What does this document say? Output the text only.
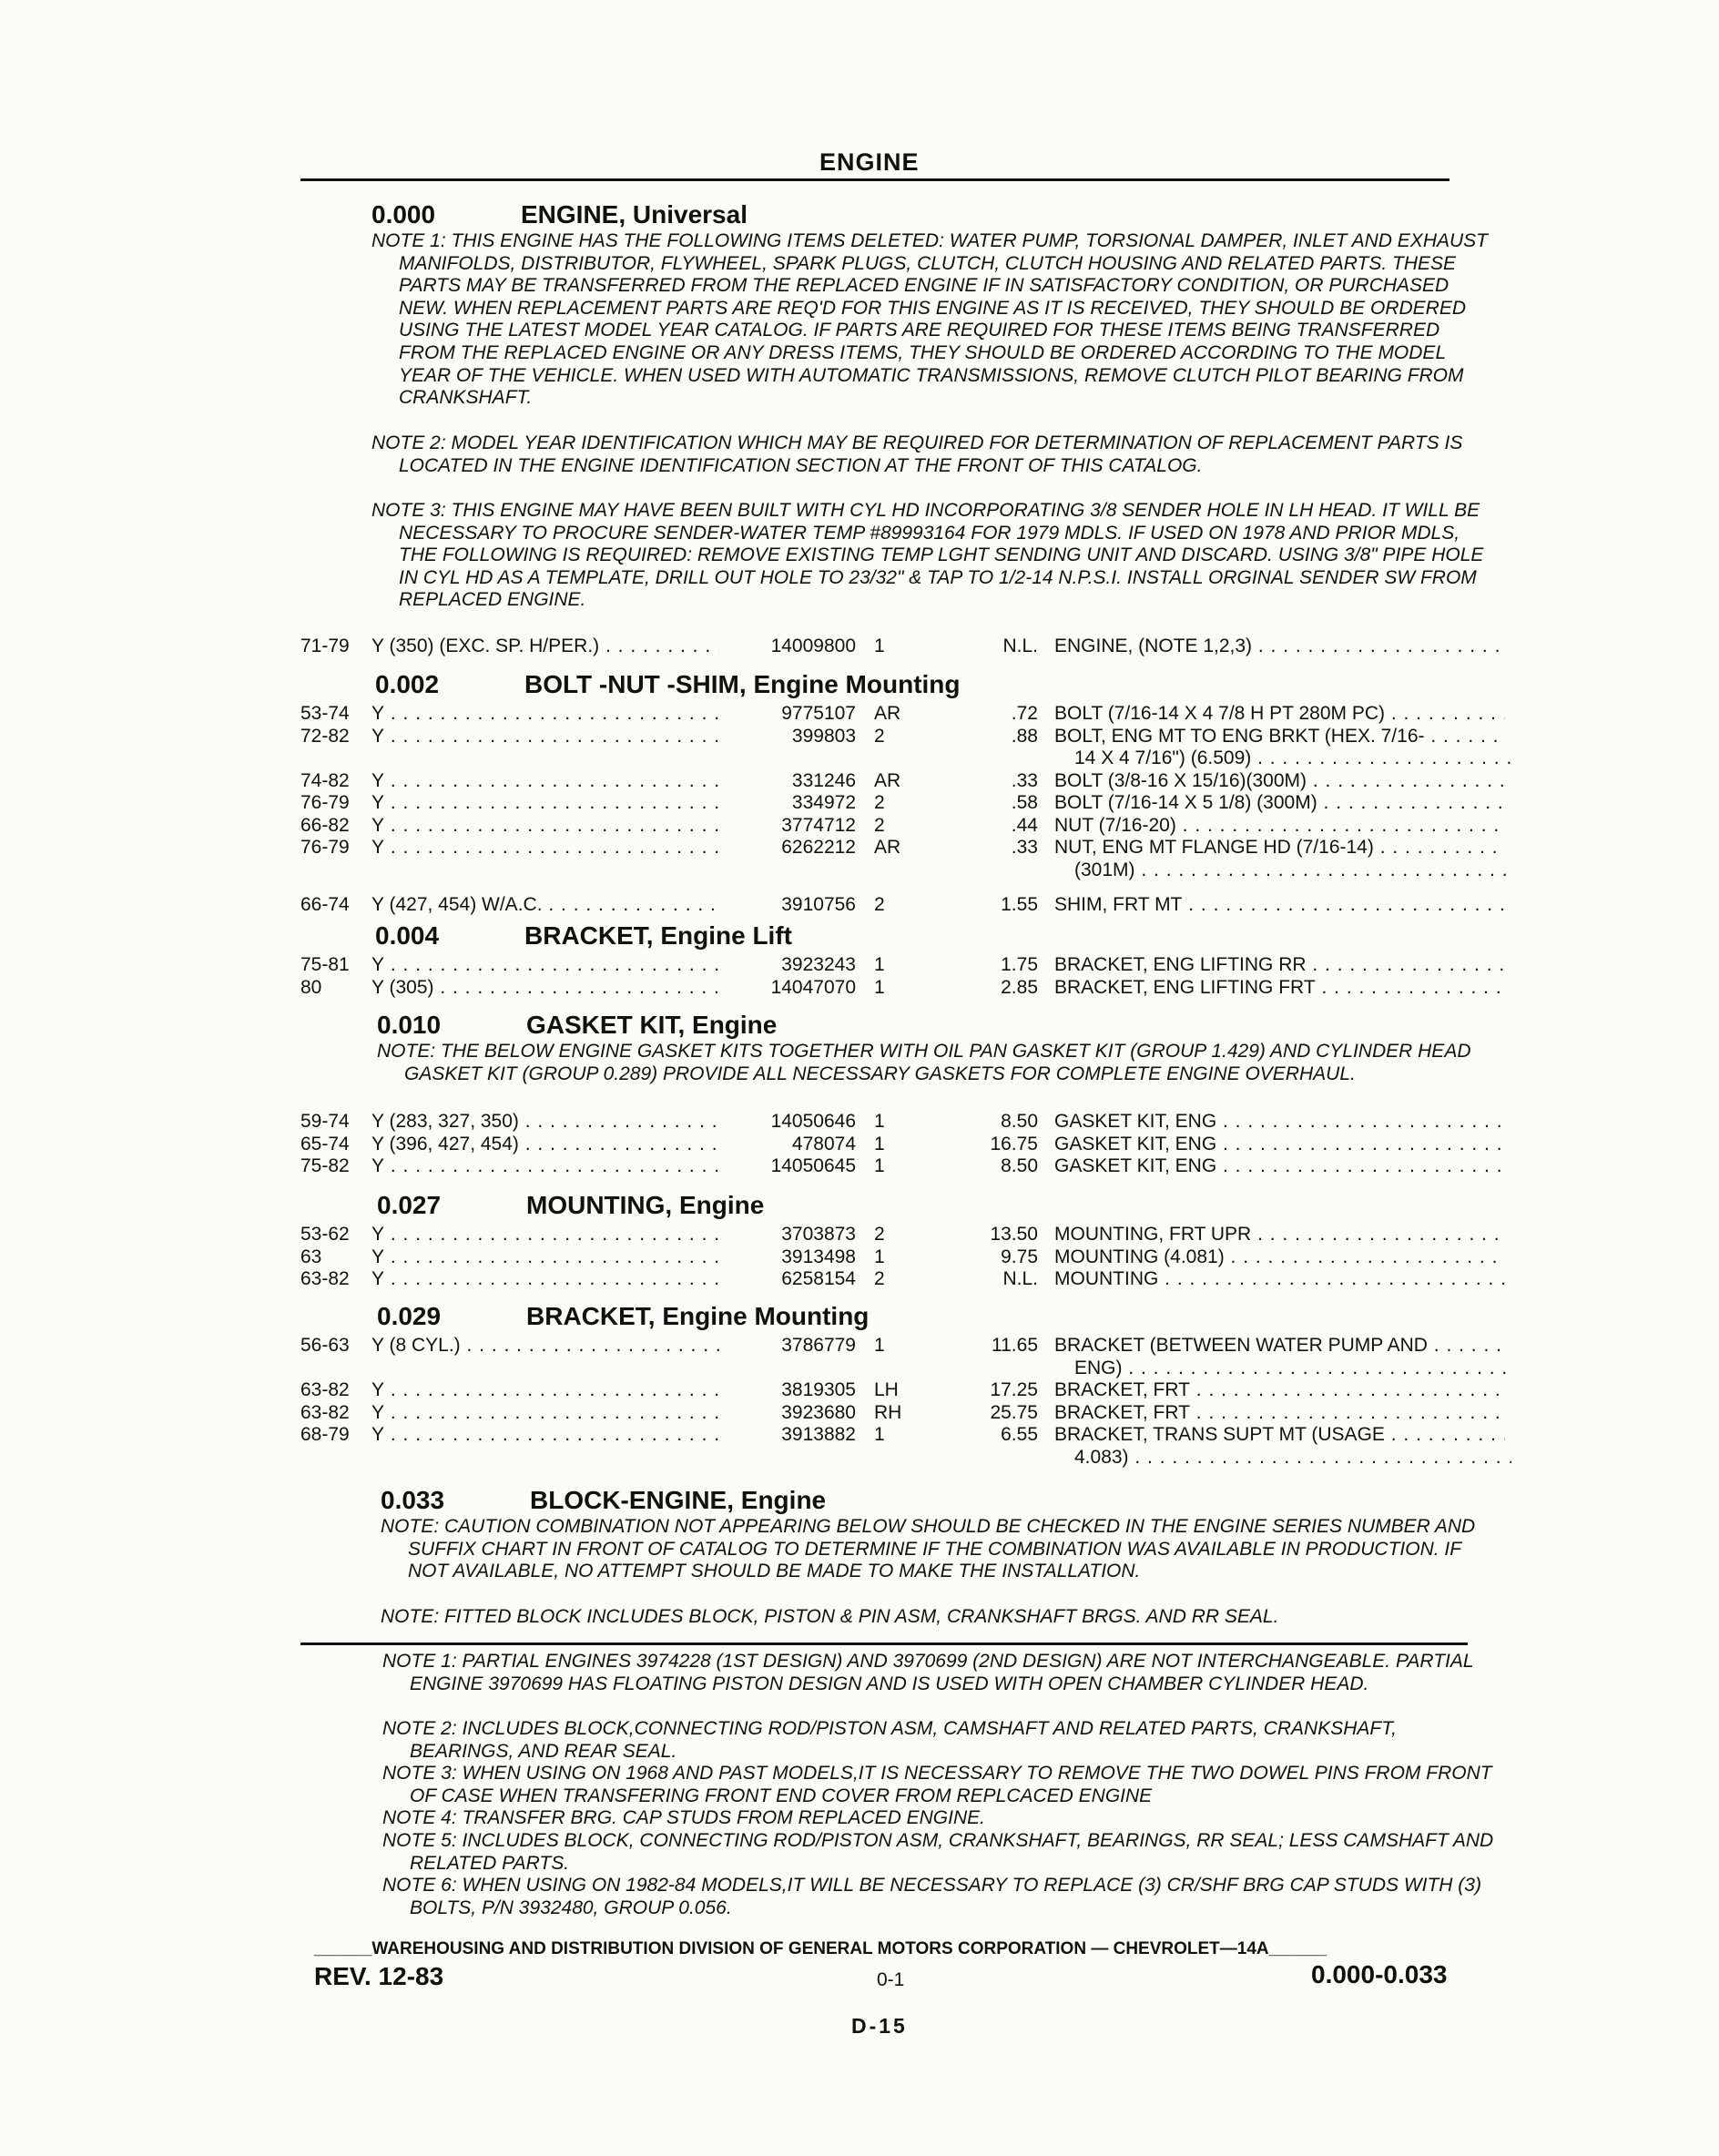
ENGINE
0.000	ENGINE, Universal
NOTE 1: THIS ENGINE HAS THE FOLLOWING ITEMS DELETED: WATER PUMP, TORSIONAL DAMPER, INLET AND EXHAUST MANIFOLDS, DISTRIBUTOR, FLYWHEEL, SPARK PLUGS, CLUTCH, CLUTCH HOUSING AND RELATED PARTS. THESE PARTS MAY BE TRANSFERRED FROM THE REPLACED ENGINE IF IN SATISFACTORY CONDITION, OR PURCHASED NEW. WHEN REPLACEMENT PARTS ARE REQ'D FOR THIS ENGINE AS IT IS RECEIVED, THEY SHOULD BE ORDERED USING THE LATEST MODEL YEAR CATALOG. IF PARTS ARE REQUIRED FOR THESE ITEMS BEING TRANSFERRED FROM THE REPLACED ENGINE OR ANY DRESS ITEMS, THEY SHOULD BE ORDERED ACCORDING TO THE MODEL YEAR OF THE VEHICLE. WHEN USED WITH AUTOMATIC TRANSMISSIONS, REMOVE CLUTCH PILOT BEARING FROM CRANKSHAFT.
NOTE 2: MODEL YEAR IDENTIFICATION WHICH MAY BE REQUIRED FOR DETERMINATION OF REPLACEMENT PARTS IS LOCATED IN THE ENGINE IDENTIFICATION SECTION AT THE FRONT OF THIS CATALOG.
NOTE 3: THIS ENGINE MAY HAVE BEEN BUILT WITH CYL HD INCORPORATING 3/8 SENDER HOLE IN LH HEAD. IT WILL BE NECESSARY TO PROCURE SENDER-WATER TEMP #89993164 FOR 1979 MDLS. IF USED ON 1978 AND PRIOR MDLS, THE FOLLOWING IS REQUIRED: REMOVE EXISTING TEMP LGHT SENDING UNIT AND DISCARD. USING 3/8" PIPE HOLE IN CYL HD AS A TEMPLATE, DRILL OUT HOLE TO 23/32" & TAP TO 1/2-14 N.P.S.I. INSTALL ORGINAL SENDER SW FROM REPLACED ENGINE.
71-79	Y (350) (EXC. SP. H/PER.) . . .	14009800 1	N.L. ENGINE, (NOTE 1,2,3) . . .
0.002	BOLT -NUT -SHIM, Engine Mounting
53-74	Y . . .	9775107 AR	.72 BOLT (7/16-14 X 4 7/8 H PT 280M PC) . . .
72-82	Y . . .	399803 2	.88 BOLT, ENG MT TO ENG BRKT (HEX. 7/16- . . .
14 X 4 7/16") (6.509) . . .
74-82	Y . . .	331246 AR	.33 BOLT (3/8-16 X 15/16)(300M) . . .
76-79	Y . . .	334972 2	.58 BOLT (7/16-14 X 5 1/8) (300M) . . .
66-82	Y . . .	3774712 2	.44 NUT (7/16-20) . . .
76-79	Y . . .	6262212 AR	.33 NUT, ENG MT FLANGE HD (7/16-14) . . .
(301M) . . .
66-74	Y (427, 454) W/A.C. . . .	3910756 2	1.55 SHIM, FRT MT . . .
0.004	BRACKET, Engine Lift
75-81	Y . . .	3923243 1	1.75 BRACKET, ENG LIFTING RR . . .
80	Y (305) . . .	14047070 1	2.85 BRACKET, ENG LIFTING FRT . . .
0.010	GASKET KIT, Engine
NOTE: THE BELOW ENGINE GASKET KITS TOGETHER WITH OIL PAN GASKET KIT (GROUP 1.429) AND CYLINDER HEAD GASKET KIT (GROUP 0.289) PROVIDE ALL NECESSARY GASKETS FOR COMPLETE ENGINE OVERHAUL.
59-74	Y (283, 327, 350) . . .	14050646 1	8.50 GASKET KIT, ENG . . .
65-74	Y (396, 427, 454) . . .	478074 1	16.75 GASKET KIT, ENG . . .
75-82	Y . . .	14050645 1	8.50 GASKET KIT, ENG . . .
0.027	MOUNTING, Engine
53-62	Y . . .	3703873 2	13.50 MOUNTING, FRT UPR . . .
63	Y . . .	3913498 1	9.75 MOUNTING (4.081) . . .
63-82	Y . . .	6258154 2	N.L. MOUNTING . . .
0.029	BRACKET, Engine Mounting
56-63	Y (8 CYL.) . . .	3786779 1	11.65 BRACKET (BETWEEN WATER PUMP AND . . .
ENG) . . .
63-82	Y . . .	3819305 LH	17.25 BRACKET, FRT . . .
63-82	Y . . .	3923680 RH	25.75 BRACKET, FRT . . .
68-79	Y . . .	3913882 1	6.55 BRACKET, TRANS SUPT MT (USAGE . . .
4.083) . . .
0.033	BLOCK-ENGINE, Engine
NOTE: CAUTION COMBINATION NOT APPEARING BELOW SHOULD BE CHECKED IN THE ENGINE SERIES NUMBER AND SUFFIX CHART IN FRONT OF CATALOG TO DETERMINE IF THE COMBINATION WAS AVAILABLE IN PRODUCTION. IF NOT AVAILABLE, NO ATTEMPT SHOULD BE MADE TO MAKE THE INSTALLATION.
NOTE: FITTED BLOCK INCLUDES BLOCK, PISTON & PIN ASM, CRANKSHAFT BRGS. AND RR SEAL.
NOTE 1: PARTIAL ENGINES 3974228 (1ST DESIGN) AND 3970699 (2ND DESIGN) ARE NOT INTERCHANGEABLE. PARTIAL ENGINE 3970699 HAS FLOATING PISTON DESIGN AND IS USED WITH OPEN CHAMBER CYLINDER HEAD.
NOTE 2: INCLUDES BLOCK,CONNECTING ROD/PISTON ASM, CAMSHAFT AND RELATED PARTS, CRANKSHAFT, BEARINGS, AND REAR SEAL.
NOTE 3: WHEN USING ON 1968 AND PAST MODELS,IT IS NECESSARY TO REMOVE THE TWO DOWEL PINS FROM FRONT OF CASE WHEN TRANSFERING FRONT END COVER FROM REPLCACED ENGINE
NOTE 4: TRANSFER BRG. CAP STUDS FROM REPLACED ENGINE.
NOTE 5: INCLUDES BLOCK, CONNECTING ROD/PISTON ASM, CRANKSHAFT, BEARINGS, RR SEAL; LESS CAMSHAFT AND RELATED PARTS.
NOTE 6: WHEN USING ON 1982-84 MODELS,IT WILL BE NECESSARY TO REPLACE (3) CR/SHF BRG CAP STUDS WITH (3) BOLTS, P/N 3932480, GROUP 0.056.
______WAREHOUSING AND DISTRIBUTION DIVISION OF GENERAL MOTORS CORPORATION — CHEVROLET—14A______
REV. 12-83	0-1	0.000-0.033
D-15
